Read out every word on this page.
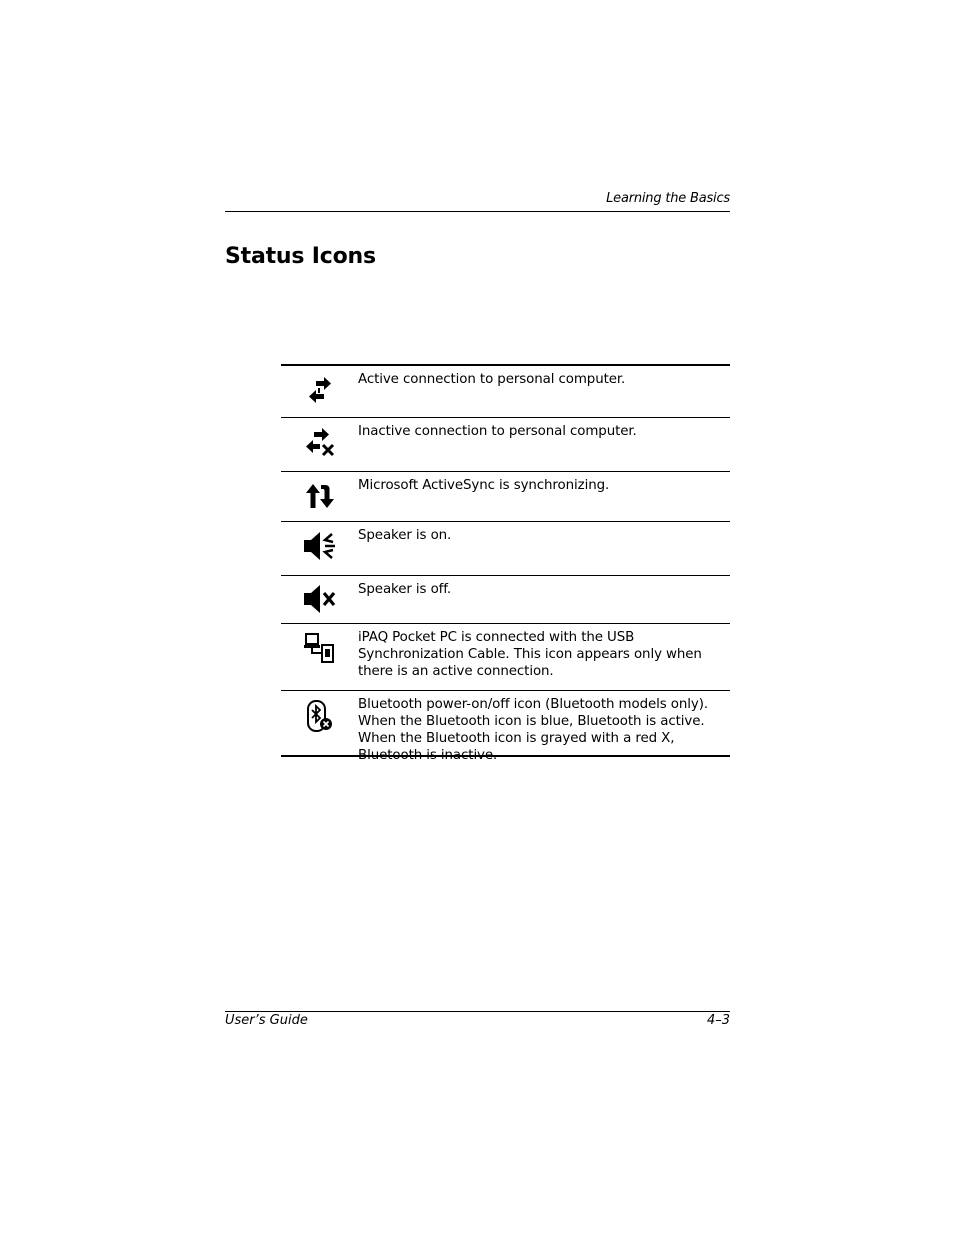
Learning the Basics
Status Icons
Active connection to personal computer.
Inactive connection to personal computer.
Microsoft ActiveSync is synchronizing.
Speaker is on.
Speaker is off.
iPAQ Pocket PC is connected with the USB Synchronization Cable. This icon appears only when there is an active connection.
Bluetooth power-on/off icon (Bluetooth models only). When the Bluetooth icon is blue, Bluetooth is active. When the Bluetooth icon is grayed with a red X, Bluetooth is inactive.
User’s Guide	4–3
